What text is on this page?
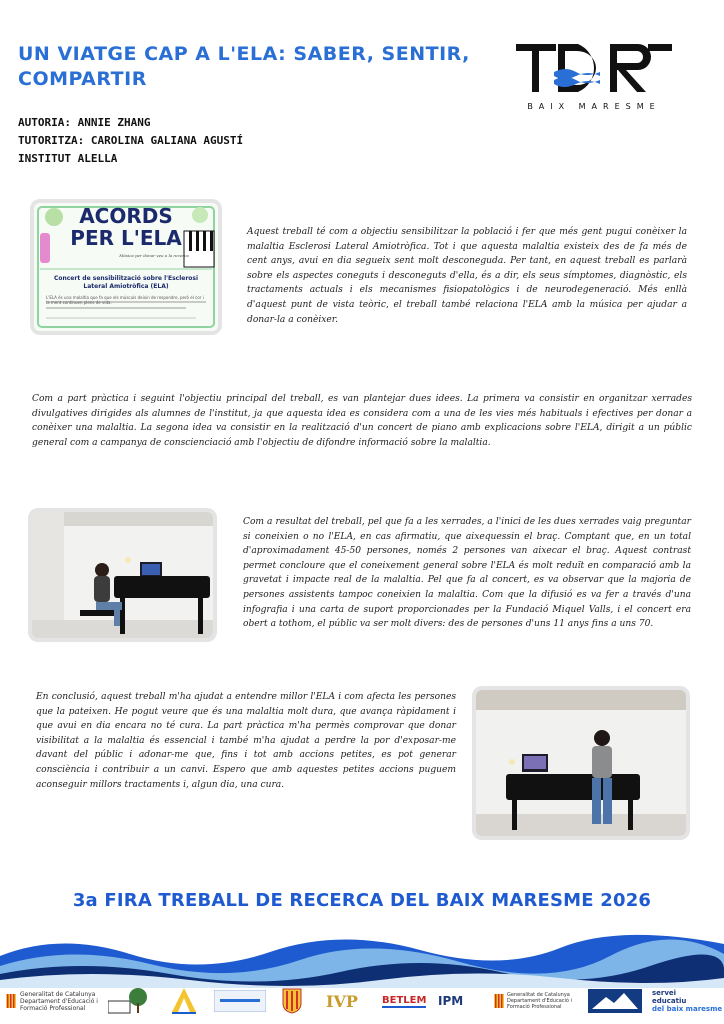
UN VIATGE CAP A L'ELA: SABER, SENTIR, COMPARTIR
AUTORIA: ANNIE ZHANG
TUTORITZA: CAROLINA GALIANA AGUSTÍ
INSTITUT ALELLA
BAIX MARESME
ACORDS
PER L'ELA
Música per donar veu a la recerca
Concert de sensibilització sobre l'Esclerosi Lateral Amiotròfica (ELA)
L'ELA és una malaltia que fa que els músculs deixin de respondre, però el cor i la ment continuen plens de vida.

Aquest treball té com a objectiu sensibilitzar la població i fer que més gent pugui conèixer la malaltia Esclerosi Lateral Amiotròfica. Tot i que aquesta malaltia existeix des de fa més de cent anys, avui en dia segueix sent molt desconeguda. Per tant, en aquest treball es parlarà sobre els aspectes coneguts i desconeguts d'ella, és a dir, els seus símptomes, diagnòstic, els tractaments actuals i els mecanismes fisiopatològics i de neurodegeneració. Més enllà d'aquest punt de vista teòric, el treball també relaciona l'ELA amb la música per ajudar a donar-la a conèixer.

Com a part pràctica i seguint l'objectiu principal del treball, es van plantejar dues idees. La primera va consistir en organitzar xerrades divulgatives dirigides als alumnes de l'institut, ja que aquesta idea es considera com a una de les vies més habituals i efectives per donar a conèixer una malaltia. La segona idea va consistir en la realització d'un concert de piano amb explicacions sobre l'ELA, dirigit a un públic general com a campanya de conscienciació amb l'objectiu de difondre informació sobre la malaltia.

Com a resultat del treball, pel que fa a les xerrades, a l'inici de les dues xerrades vaig preguntar si coneixien o no l'ELA, en cas afirmatiu, que aixequessin el braç. Comptant que, en un total d'aproximadament 45-50 persones, només 2 persones van aixecar el braç. Aquest contrast permet concloure que el coneixement general sobre l'ELA és molt reduït en comparació amb la gravetat i impacte real de la malaltia. Pel que fa al concert, es va observar que la majoria de persones assistents tampoc coneixien la malaltia. Com que la difusió es va fer a través d'una infografia i una carta de suport proporcionades per la Fundació Miquel Valls, i el concert era obert a tothom, el públic va ser molt divers: des de persones d'uns 11 anys fins a uns 70.

En conclusió, aquest treball m'ha ajudat a entendre millor l'ELA i com afecta les persones que la pateixen. He pogut veure que és una malaltia molt dura, que avança ràpidament i que avui en dia encara no té cura. La part pràctica m'ha permès comprovar que donar visibilitat a la malaltia és essencial i també m'ha ajudat a perdre la por d'exposar-me davant del públic i adonar-me que, fins i tot amb accions petites, es pot generar consciència i contribuir a un canvi. Espero que amb aquestes petites accions puguem aconseguir millors tractaments i, algun dia, una cura.

3a FIRA TREBALL DE RECERCA DEL BAIX MARESME 2026
Generalitat de Catalunya Departament d'Educació i Formació Professional	IVP BETLEM IPM	Generalitat de Catalunya Departament d'Educació i Formació Professional
servei
educatiu
del baix maresme
